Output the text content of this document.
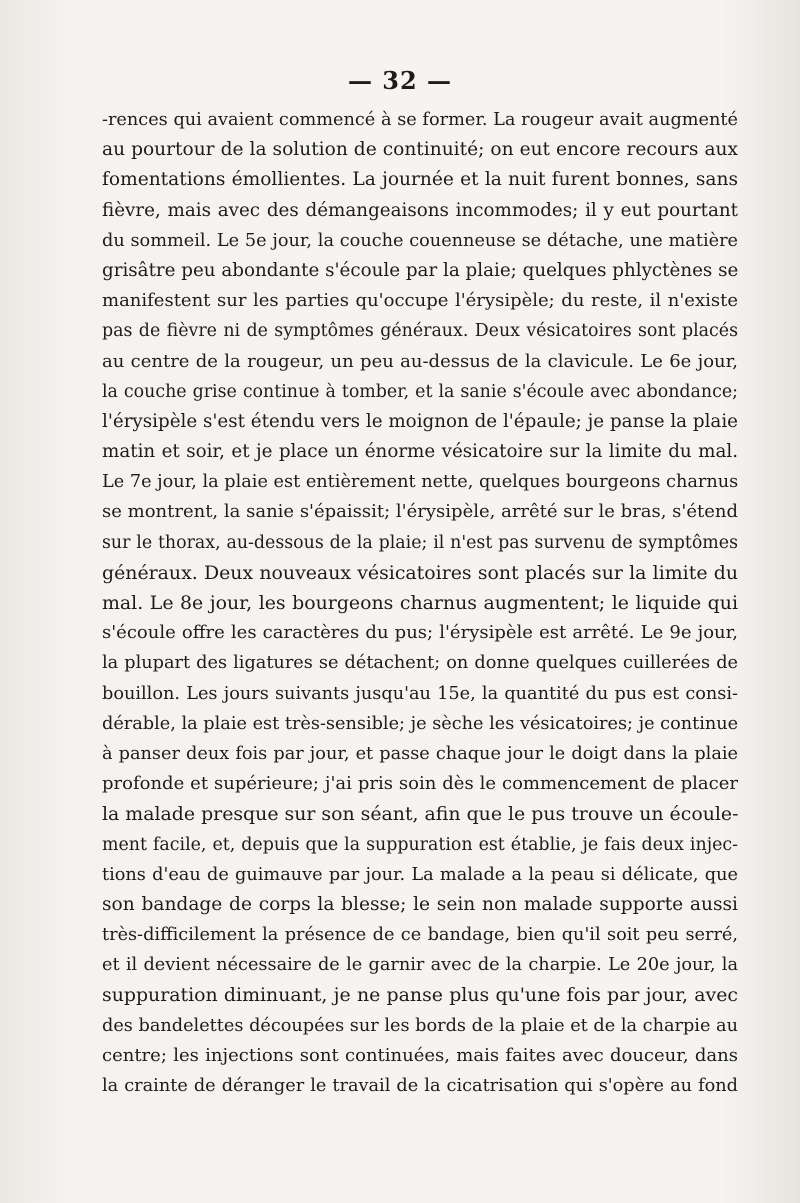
— 32 —
-rences qui avaient commencé à se former. La rougeur avait augmenté
au pourtour de la solution de continuité; on eut encore recours aux
fomentations émollientes. La journée et la nuit furent bonnes, sans
fièvre, mais avec des démangeaisons incommodes; il y eut pourtant
du sommeil. Le 5e jour, la couche couenneuse se détache, une matière
grisâtre peu abondante s'écoule par la plaie; quelques phlyctènes se
manifestent sur les parties qu'occupe l'érysipèle; du reste, il n'existe
pas de fièvre ni de symptômes généraux. Deux vésicatoires sont placés
au centre de la rougeur, un peu au-dessus de la clavicule. Le 6e jour,
la couche grise continue à tomber, et la sanie s'écoule avec abondance;
l'érysipèle s'est étendu vers le moignon de l'épaule; je panse la plaie
matin et soir, et je place un énorme vésicatoire sur la limite du mal.
Le 7e jour, la plaie est entièrement nette, quelques bourgeons charnus
se montrent, la sanie s'épaissit; l'érysipèle, arrêté sur le bras, s'étend
sur le thorax, au-dessous de la plaie; il n'est pas survenu de symptômes
généraux. Deux nouveaux vésicatoires sont placés sur la limite du
mal. Le 8e jour, les bourgeons charnus augmentent; le liquide qui
s'écoule offre les caractères du pus; l'érysipèle est arrêté. Le 9e jour,
la plupart des ligatures se détachent; on donne quelques cuillerées de
bouillon. Les jours suivants jusqu'au 15e, la quantité du pus est consi-
dérable, la plaie est très-sensible; je sèche les vésicatoires; je continue
à panser deux fois par jour, et passe chaque jour le doigt dans la plaie
profonde et supérieure; j'ai pris soin dès le commencement de placer
la malade presque sur son séant, afin que le pus trouve un écoule-
ment facile, et, depuis que la suppuration est établie, je fais deux injec-
tions d'eau de guimauve par jour. La malade a la peau si délicate, que
son bandage de corps la blesse; le sein non malade supporte aussi
très-difficilement la présence de ce bandage, bien qu'il soit peu serré,
et il devient nécessaire de le garnir avec de la charpie. Le 20e jour, la
suppuration diminuant, je ne panse plus qu'une fois par jour, avec
des bandelettes découpées sur les bords de la plaie et de la charpie au
centre; les injections sont continuées, mais faites avec douceur, dans
la crainte de déranger le travail de la cicatrisation qui s'opère au fond
